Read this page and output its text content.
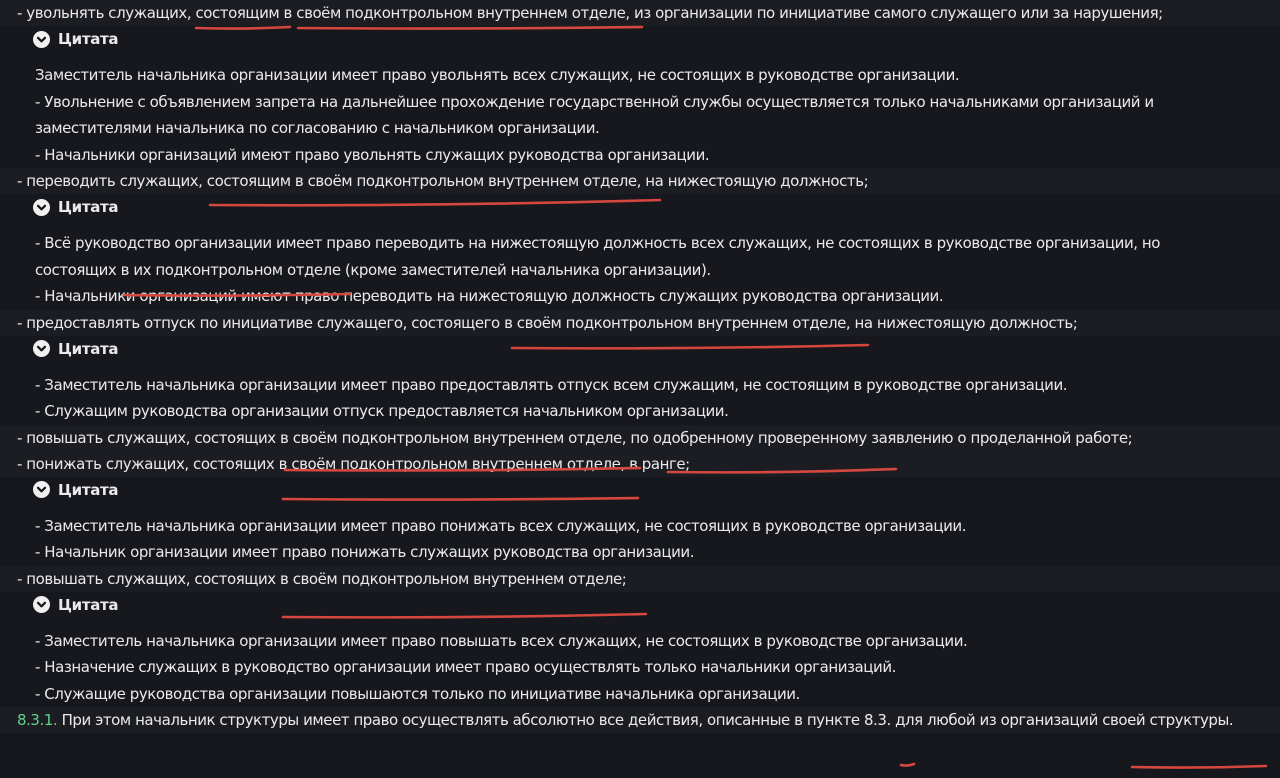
- увольнять служащих, состоящим в своём подконтрольном внутреннем отделе, из организации по инициативе самого служащего или за нарушения;
Цитата
Заместитель начальника организации имеет право увольнять всех служащих, не состоящих в руководстве организации.
- Увольнение с объявлением запрета на дальнейшее прохождение государственной службы осуществляется только начальниками организаций и
заместителями начальника по согласованию с начальником организации.
- Начальники организаций имеют право увольнять служащих руководства организации.
- переводить служащих, состоящим в своём подконтрольном внутреннем отделе, на нижестоящую должность;
Цитата
- Всё руководство организации имеет право переводить на нижестоящую должность всех служащих, не состоящих в руководстве организации, но
состоящих в их подконтрольном отделе (кроме заместителей начальника организации).
- Начальники организаций имеют право переводить на нижестоящую должность служащих руководства организации.
- предоставлять отпуск по инициативе служащего, состоящего в своём подконтрольном внутреннем отделе, на нижестоящую должность;
Цитата
- Заместитель начальника организации имеет право предоставлять отпуск всем служащим, не состоящим в руководстве организации.
- Служащим руководства организации отпуск предоставляется начальником организации.
- повышать служащих, состоящих в своём подконтрольном внутреннем отделе, по одобренному проверенному заявлению о проделанной работе;
- понижать служащих, состоящих в своём подконтрольном внутреннем отделе, в ранге;
Цитата
- Заместитель начальника организации имеет право понижать всех служащих, не состоящих в руководстве организации.
- Начальник организации имеет право понижать служащих руководства организации.
- повышать служащих, состоящих в своём подконтрольном внутреннем отделе;
Цитата
- Заместитель начальника организации имеет право повышать всех служащих, не состоящих в руководстве организации.
- Назначение служащих в руководство организации имеет право осуществлять только начальники организаций.
- Служащие руководства организации повышаются только по инициативе начальника организации.
8.3.1. При этом начальник структуры имеет право осуществлять абсолютно все действия, описанные в пункте 8.3. для любой из организаций своей структуры.
